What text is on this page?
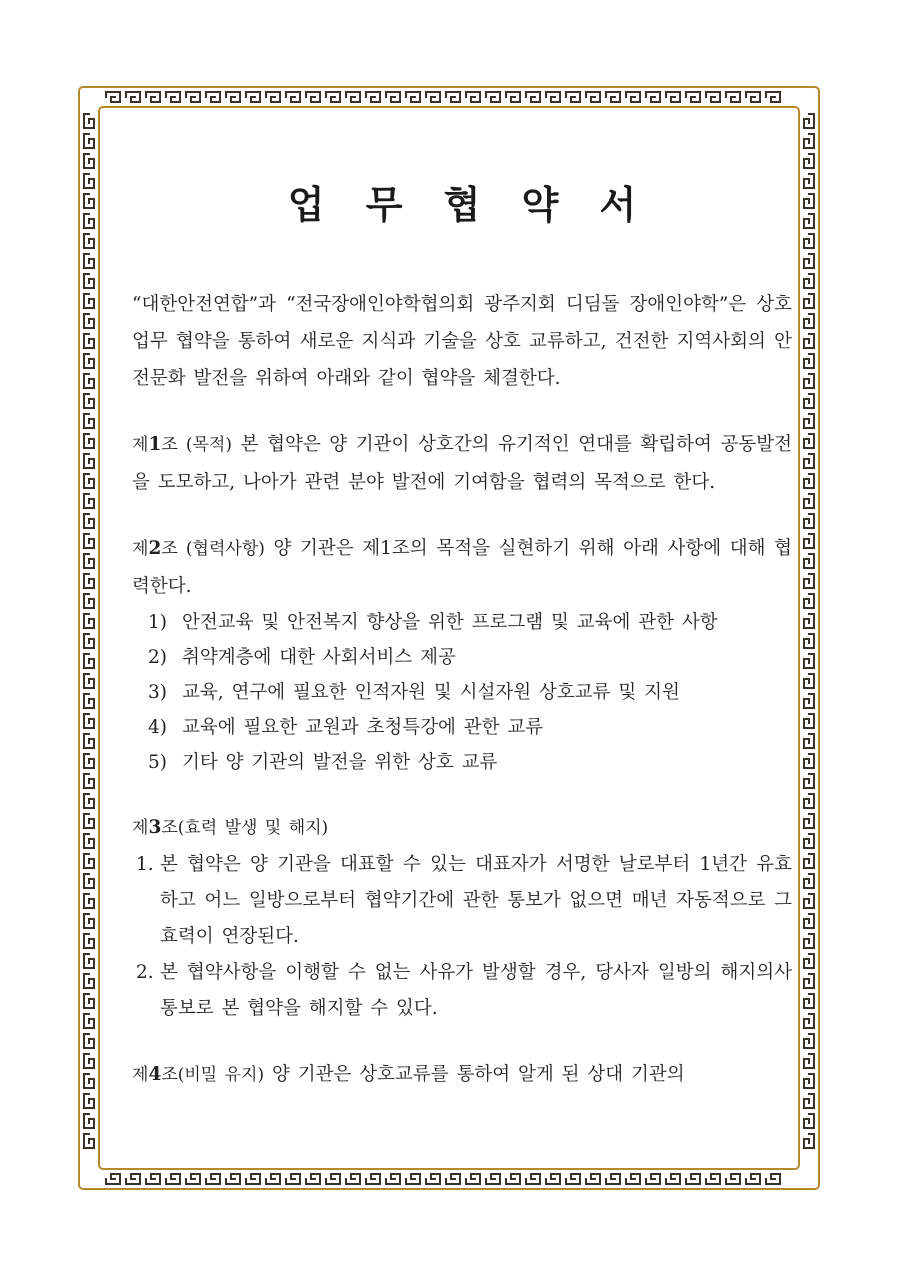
업 무 협 약 서

“대한안전연합”과 “전국장애인야학협의회 광주지회 디딤돌 장애인야학”은 상호 업무 협약을 통하여 새로운 지식과 기술을 상호 교류하고, 건전한 지역사회의 안전문화 발전을 위하여 아래와 같이 협약을 체결한다.

제1조 (목적) 본 협약은 양 기관이 상호간의 유기적인 연대를 확립하여 공동발전을 도모하고, 나아가 관련 분야 발전에 기여함을 협력의 목적으로 한다.

제2조 (협력사항) 양 기관은 제1조의 목적을 실현하기 위해 아래 사항에 대해 협력한다.

1) 안전교육 및 안전복지 향상을 위한 프로그램 및 교육에 관한 사항
2) 취약계층에 대한 사회서비스 제공
3) 교육, 연구에 필요한 인적자원 및 시설자원 상호교류 및 지원
4) 교육에 필요한 교원과 초청특강에 관한 교류
5) 기타 양 기관의 발전을 위한 상호 교류

제3조(효력 발생 및 해지)

1. 본 협약은 양 기관을 대표할 수 있는 대표자가 서명한 날로부터 1년간 유효하고 어느 일방으로부터 협약기간에 관한 통보가 없으면 매년 자동적으로 그 효력이 연장된다.
2. 본 협약사항을 이행할 수 없는 사유가 발생할 경우, 당사자 일방의 해지의사 통보로 본 협약을 해지할 수 있다.

제4조(비밀 유지) 양 기관은 상호교류를 통하여 알게 된 상대 기관의
